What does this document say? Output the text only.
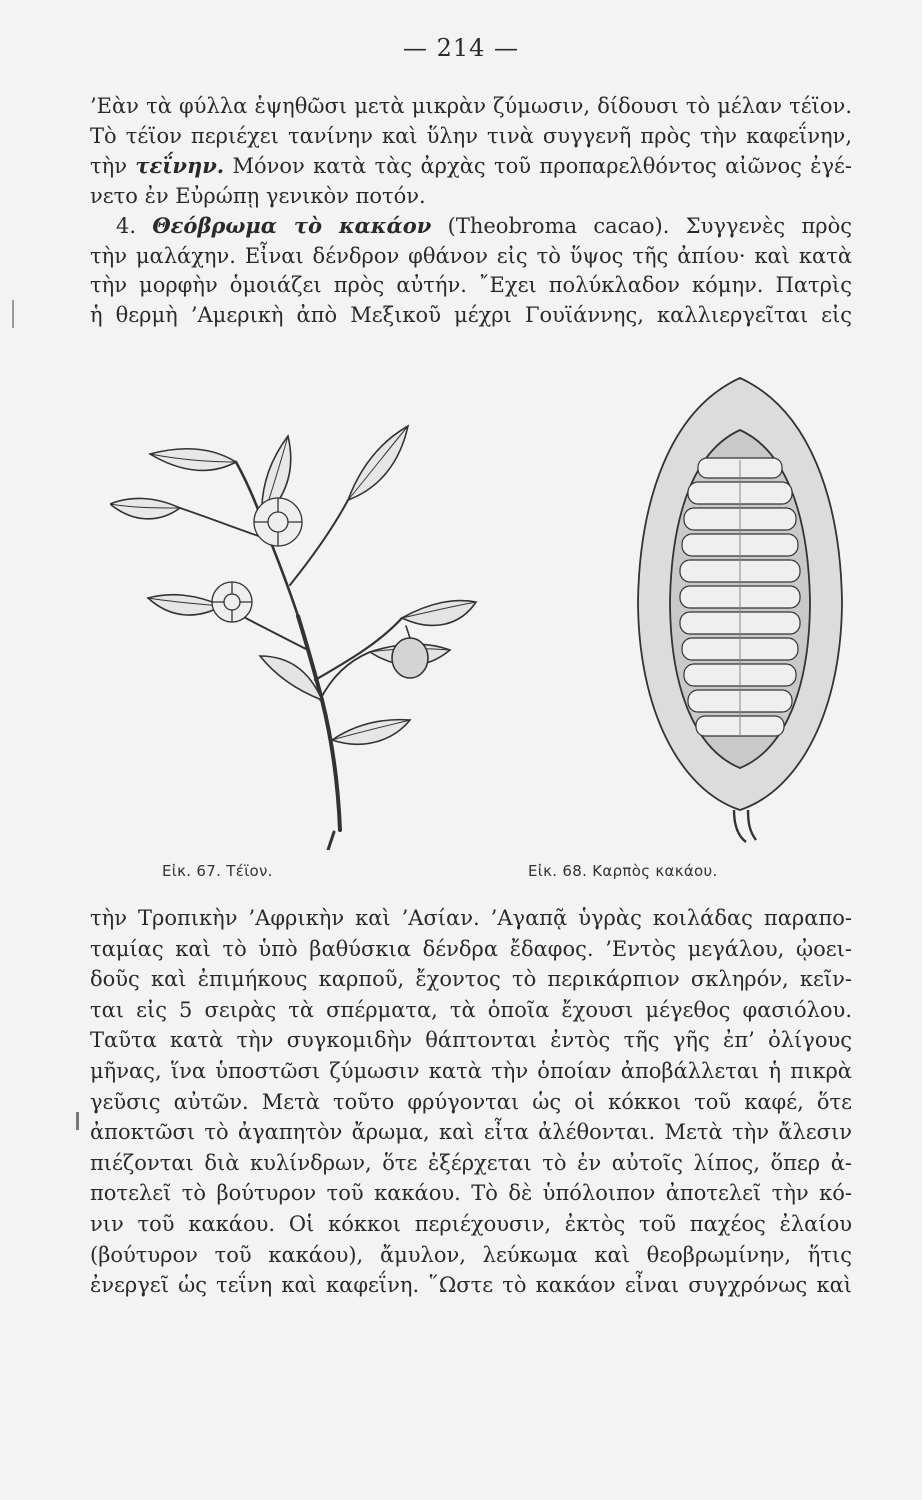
— 214 —
’Εὰν τὰ φύλλα ἑψηθῶσι μετὰ μικρὰν ζύμωσιν, δίδουσι τὸ μέλαν τέϊον.
Τὸ τέϊον περιέχει τανίνην καὶ ὕλην τινὰ συγγενῆ πρὸς τὴν καφεΐνην,
τὴν τεΐνην. Μόνον κατὰ τὰς ἀρχὰς τοῦ προπαρελθόντος αἰῶνος ἐγέ-
νετο ἐν Εὐρώπῃ γενικὸν ποτόν.
4. Θεόβρωμα τὸ κακάον (Theobroma cacao). Συγγενὲς πρὸς
τὴν μαλάχην. Εἶναι δένδρον φθάνον εἰς τὸ ὕψος τῆς ἀπίου· καὶ κατὰ
τὴν μορφὴν ὁμοιάζει πρὸς αὐτήν. ῎Εχει πολύκλαδον κόμην. Πατρὶς
ἡ θερμὴ ’Αμερικὴ ἀπὸ Μεξικοῦ μέχρι Γουϊάννης, καλλιεργεῖται εἰς
Εἰκ. 67. Τέϊον.	Εἰκ. 68. Καρπὸς κακάου.
τὴν Τροπικὴν ’Αφρικὴν καὶ ’Ασίαν. ’Αγαπᾷ ὑγρὰς κοιλάδας παραπο-
ταμίας καὶ τὸ ὑπὸ βαθύσκια δένδρα ἔδαφος. ’Εντὸς μεγάλου, ᾠοει-
δοῦς καὶ ἐπιμήκους καρποῦ, ἔχοντος τὸ περικάρπιον σκληρόν, κεῖν-
ται εἰς 5 σειρὰς τὰ σπέρματα, τὰ ὁποῖα ἔχουσι μέγεθος φασιόλου.
Ταῦτα κατὰ τὴν συγκομιδὴν θάπτονται ἐντὸς τῆς γῆς ἐπ’ ὀλίγους
μῆνας, ἵνα ὑποστῶσι ζύμωσιν κατὰ τὴν ὁποίαν ἀποβάλλεται ἡ πικρὰ
γεῦσις αὐτῶν. Μετὰ τοῦτο φρύγονται ὡς οἱ κόκκοι τοῦ καφέ, ὅτε
ἀποκτῶσι τὸ ἀγαπητὸν ἄρωμα, καὶ εἶτα ἀλέθονται. Μετὰ τὴν ἄλεσιν
πιέζονται διὰ κυλίνδρων, ὅτε ἐξέρχεται τὸ ἐν αὐτοῖς λίπος, ὅπερ ἀ-
ποτελεῖ τὸ βούτυρον τοῦ κακάου. Τὸ δὲ ὑπόλοιπον ἀποτελεῖ τὴν κό-
νιν τοῦ κακάου. Οἱ κόκκοι περιέχουσιν, ἐκτὸς τοῦ παχέος ἐλαίου
(βούτυρον τοῦ κακάου), ἄμυλον, λεύκωμα καὶ θεοβρωμίνην, ἥτις
ἐνεργεῖ ὡς τεΐνη καὶ καφεΐνη. ῞Ωστε τὸ κακάον εἶναι συγχρόνως καὶ
